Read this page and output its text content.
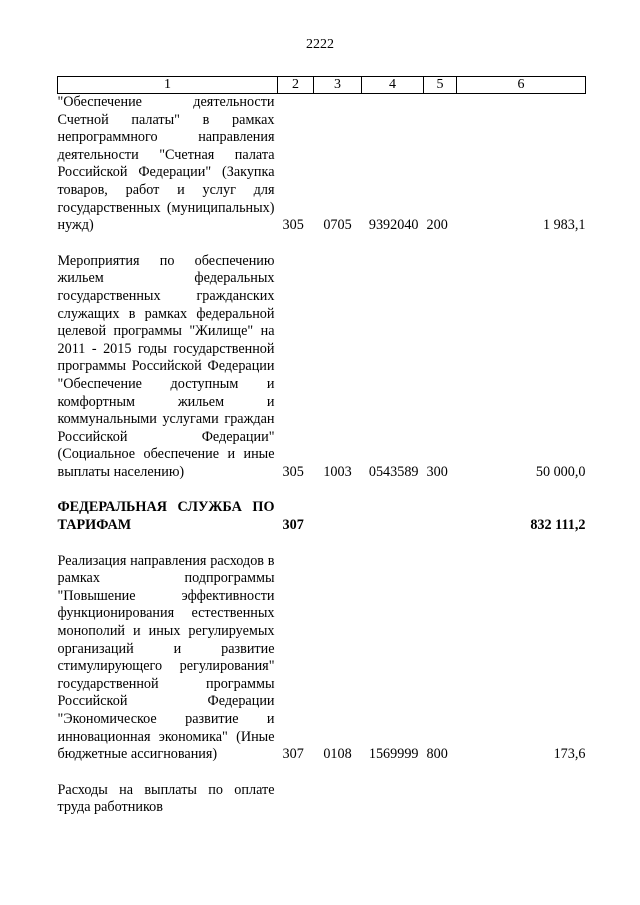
2222
1	2	3	4	5	6
"Обеспечение деятельности Счетной палаты" в рамках непрограммного направления деятельности "Счетная палата Российской Федерации" (Закупка товаров, работ и услуг для государственных (муниципальных) нужд)	305	0705	9392040	200	1 983,1
Мероприятия по обеспечению жильем федеральных государственных гражданских служащих в рамках федеральной целевой программы "Жилище" на 2011 - 2015 годы государственной программы Российской Федерации "Обеспечение доступным и комфортным жильем и коммунальными услугами граждан Российской Федерации" (Социальное обеспечение и иные выплаты населению)	305	1003	0543589	300	50 000,0
ФЕДЕРАЛЬНАЯ СЛУЖБА ПО ТАРИФАМ	307				832 111,2
Реализация направления расходов в рамках подпрограммы "Повышение эффективности функционирования естественных монополий и иных регулируемых организаций и развитие стимулирующего регулирования" государственной программы Российской Федерации "Экономическое развитие и инновационная экономика" (Иные бюджетные ассигнования)	307	0108	1569999	800	173,6
Расходы на выплаты по оплате труда работников					
